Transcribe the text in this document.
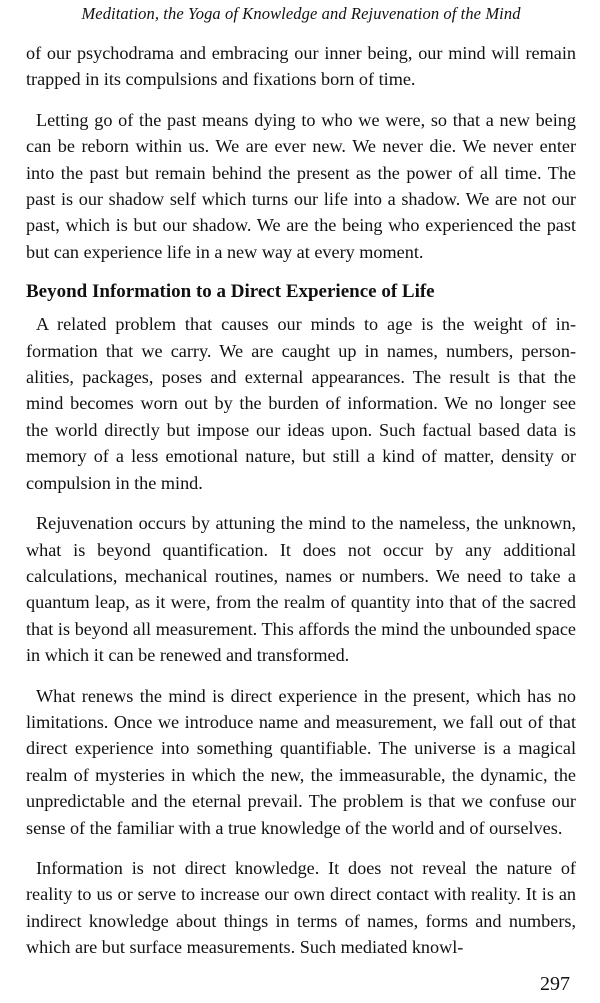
Meditation, the Yoga of Knowledge and Rejuvenation of the Mind

of our psychodrama and embracing our inner being, our mind will remain trapped in its compulsions and fixations born of time.

Letting go of the past means dying to who we were, so that a new being can be reborn within us. We are ever new. We never die. We never enter into the past but remain behind the present as the power of all time. The past is our shadow self which turns our life into a shadow. We are not our past, which is but our shadow. We are the being who experienced the past but can experience life in a new way at every moment.

Beyond Information to a Direct Experience of Life

A related problem that causes our minds to age is the weight of information that we carry. We are caught up in names, numbers, personalities, packages, poses and external appearances. The result is that the mind becomes worn out by the burden of information. We no longer see the world directly but impose our ideas upon. Such factual based data is memory of a less emotional nature, but still a kind of matter, density or compulsion in the mind.

Rejuvenation occurs by attuning the mind to the nameless, the unknown, what is beyond quantification. It does not occur by any additional calculations, mechanical routines, names or numbers. We need to take a quantum leap, as it were, from the realm of quantity into that of the sacred that is beyond all measurement. This affords the mind the unbounded space in which it can be renewed and transformed.

What renews the mind is direct experience in the present, which has no limitations. Once we introduce name and measurement, we fall out of that direct experience into something quantifiable. The universe is a magical realm of mysteries in which the new, the immeasurable, the dynamic, the unpredictable and the eternal prevail. The problem is that we confuse our sense of the familiar with a true knowledge of the world and of ourselves.

Information is not direct knowledge. It does not reveal the nature of reality to us or serve to increase our own direct contact with reality. It is an indirect knowledge about things in terms of names, forms and numbers, which are but surface measurements. Such mediated knowl-

297
